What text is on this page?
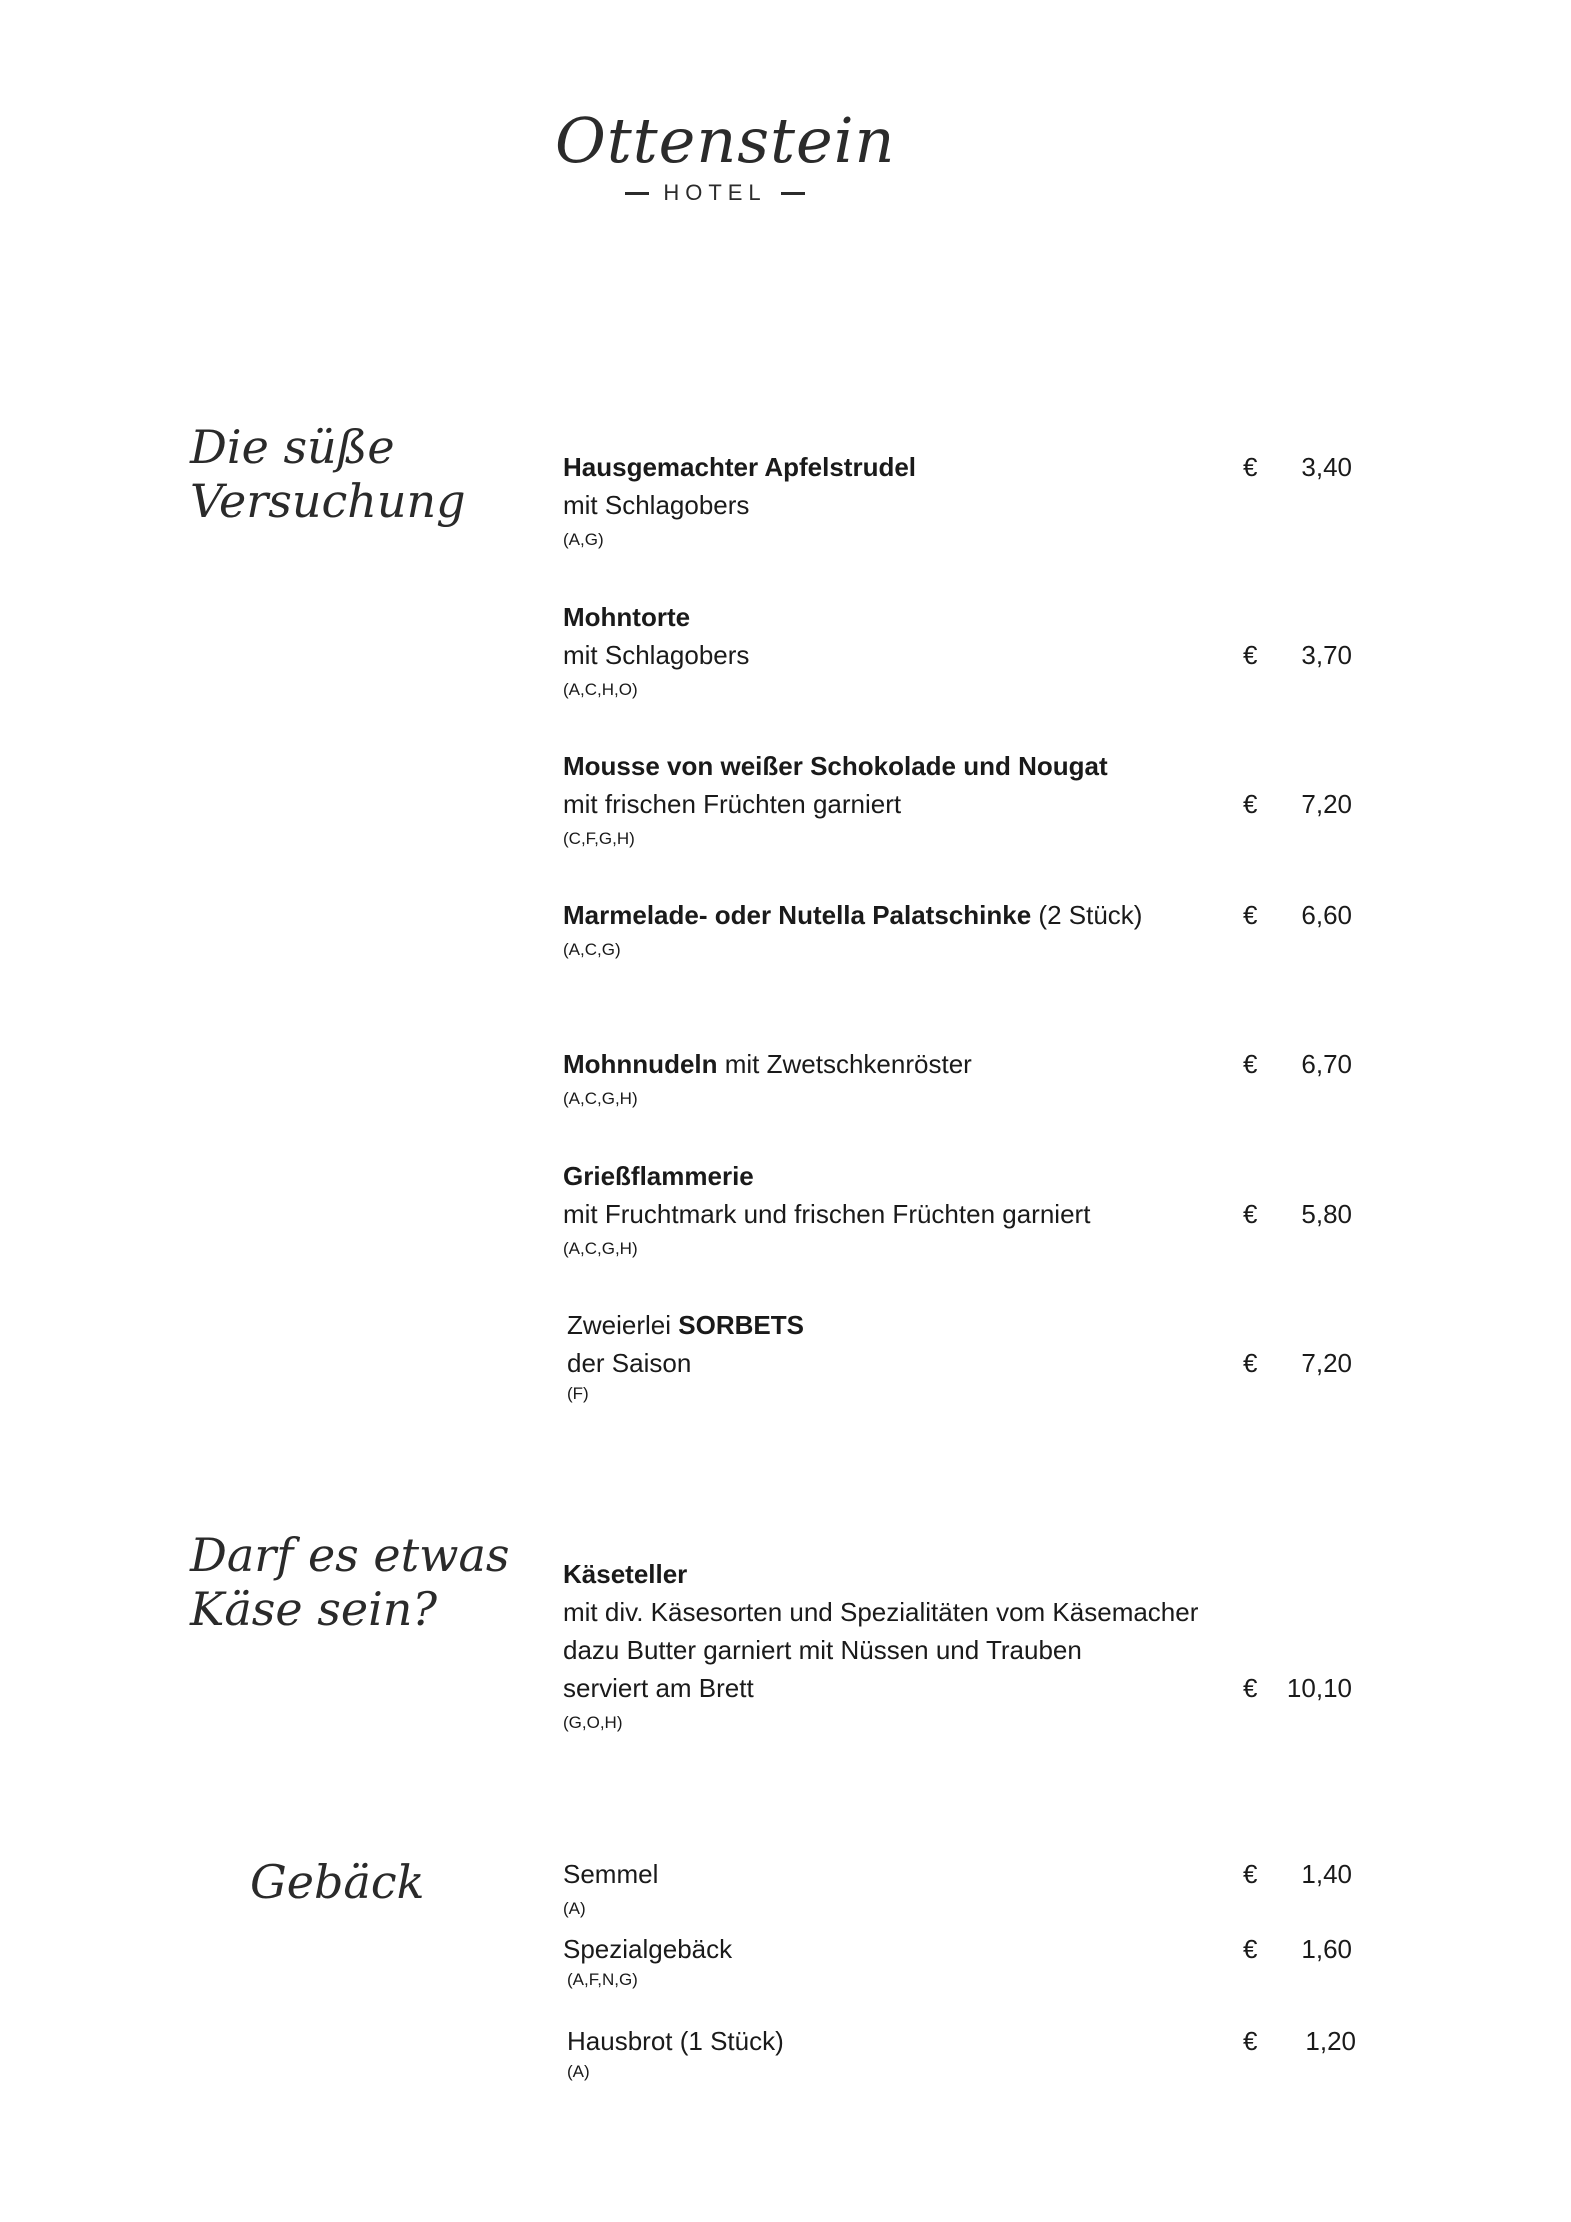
Ottenstein
HOTEL
Die süße
Versuchung
Darf es etwas
Käse sein?
Gebäck
Hausgemachter Apfelstrudel
mit Schlagobers
(A,G)
€	3,40
Mohntorte
mit Schlagobers
(A,C,H,O)
€	3,70
Mousse von weißer Schokolade und Nougat
mit frischen Früchten garniert
(C,F,G,H)
€	7,20
Marmelade- oder Nutella Palatschinke (2 Stück)
(A,C,G)
€	6,60
Mohnnudeln mit Zwetschkenröster
(A,C,G,H)
€	6,70
Grießflammerie
mit Fruchtmark und frischen Früchten garniert
(A,C,G,H)
€	5,80
Zweierlei SORBETS
der Saison
(F)
€	7,20
Käseteller
mit div. Käsesorten und Spezialitäten vom Käsemacher
dazu Butter garniert mit Nüssen und Trauben
serviert am Brett
(G,O,H)
€	10,10
Semmel
(A)
€	1,40
Spezialgebäck
(A,F,N,G)
€	1,60
Hausbrot (1 Stück)
(A)
€	1,20
